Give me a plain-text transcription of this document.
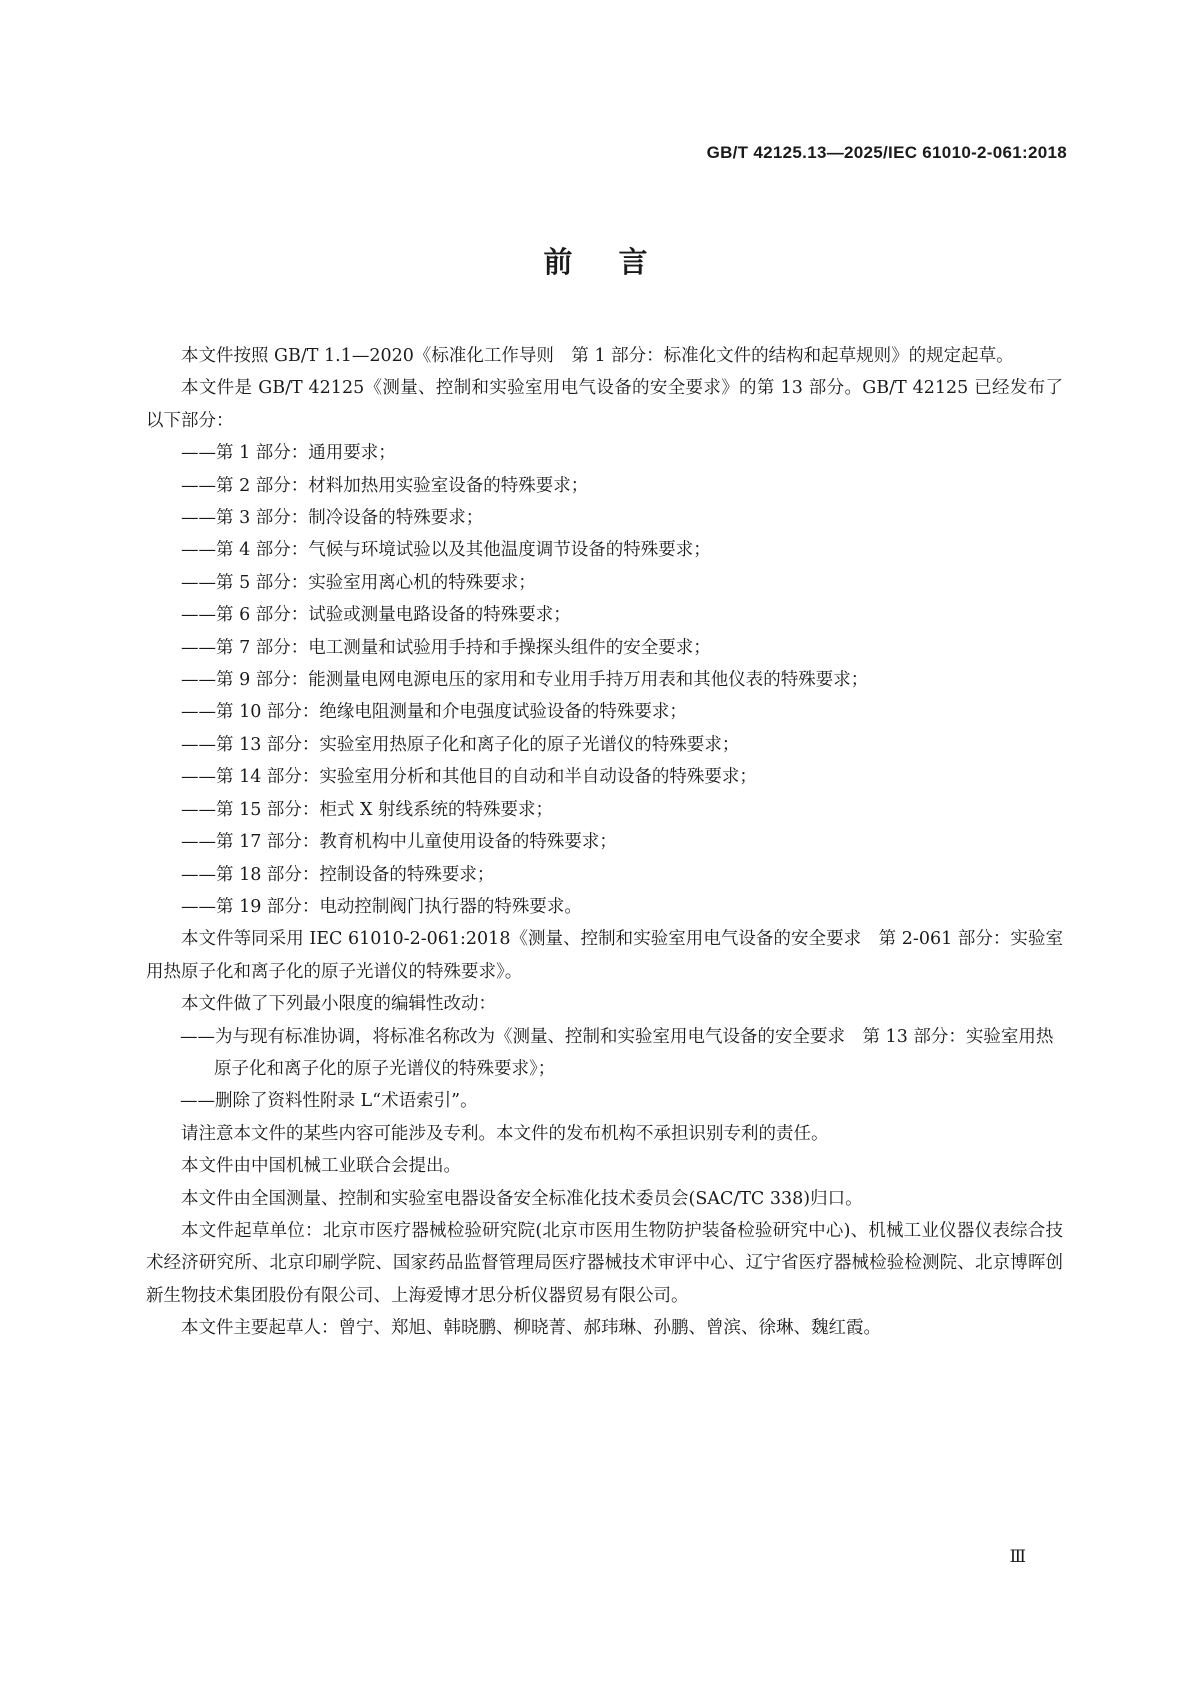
GB/T 42125.13—2025/IEC 61010-2-061:2018
前言

本文件按照 GB/T 1.1—2020《标准化工作导则　第 1 部分：标准化文件的结构和起草规则》的规定起草。

本文件是 GB/T 42125《测量、控制和实验室用电气设备的安全要求》的第 13 部分。GB/T 42125 已经发布了以下部分：

——第 1 部分：通用要求；

——第 2 部分：材料加热用实验室设备的特殊要求；

——第 3 部分：制冷设备的特殊要求；

——第 4 部分：气候与环境试验以及其他温度调节设备的特殊要求；

——第 5 部分：实验室用离心机的特殊要求；

——第 6 部分：试验或测量电路设备的特殊要求；

——第 7 部分：电工测量和试验用手持和手操探头组件的安全要求；

——第 9 部分：能测量电网电源电压的家用和专业用手持万用表和其他仪表的特殊要求；

——第 10 部分：绝缘电阻测量和介电强度试验设备的特殊要求；

——第 13 部分：实验室用热原子化和离子化的原子光谱仪的特殊要求；

——第 14 部分：实验室用分析和其他目的自动和半自动设备的特殊要求；

——第 15 部分：柜式 X 射线系统的特殊要求；

——第 17 部分：教育机构中儿童使用设备的特殊要求；

——第 18 部分：控制设备的特殊要求；

——第 19 部分：电动控制阀门执行器的特殊要求。

本文件等同采用 IEC 61010-2-061:2018《测量、控制和实验室用电气设备的安全要求　第 2-061 部分：实验室用热原子化和离子化的原子光谱仪的特殊要求》。

本文件做了下列最小限度的编辑性改动：

——为与现有标准协调，将标准名称改为《测量、控制和实验室用电气设备的安全要求　第 13 部分：实验室用热原子化和离子化的原子光谱仪的特殊要求》；

——删除了资料性附录 L“术语索引”。

请注意本文件的某些内容可能涉及专利。本文件的发布机构不承担识别专利的责任。

本文件由中国机械工业联合会提出。

本文件由全国测量、控制和实验室电器设备安全标准化技术委员会(SAC/TC 338)归口。

本文件起草单位：北京市医疗器械检验研究院(北京市医用生物防护装备检验研究中心)、机械工业仪器仪表综合技术经济研究所、北京印刷学院、国家药品监督管理局医疗器械技术审评中心、辽宁省医疗器械检验检测院、北京博晖创新生物技术集团股份有限公司、上海爱博才思分析仪器贸易有限公司。

本文件主要起草人：曾宁、郑旭、韩晓鹏、柳晓菁、郝玮琳、孙鹏、曾滨、徐琳、魏红霞。

Ⅲ
